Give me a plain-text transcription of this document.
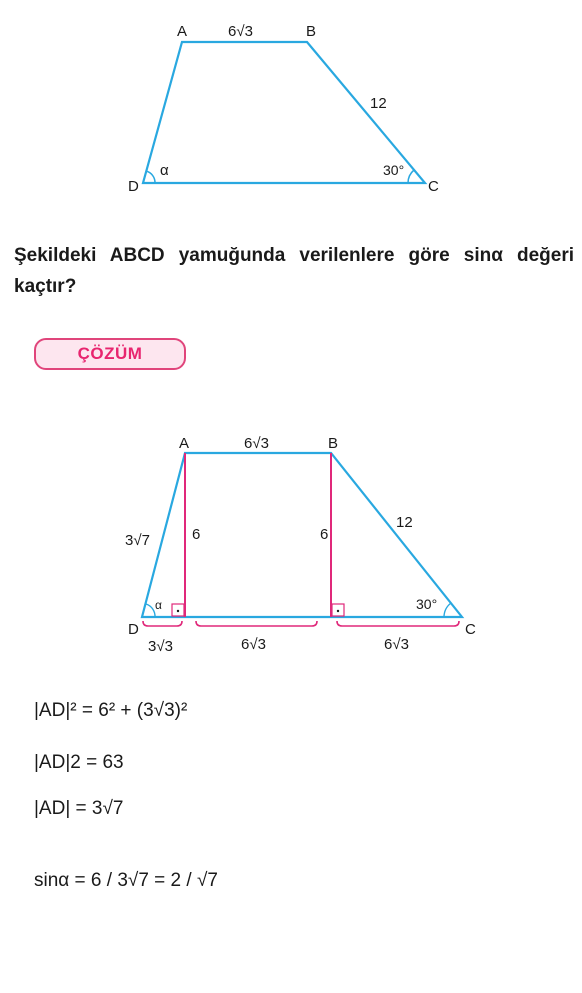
A	B
C
D
6√3
12
30°
α
Şekildeki ABCD yamuğunda verilenlere göre sinα değeri kaçtır?
ÇÖZÜM
A	B
C
D
6√3
12
3√7	6	6
30°
α
3√3	6√3	6√3
|AD|² = 6² + (3√3)²
|AD|2 = 63
|AD| = 3√7
sinα = 6 / 3√7 = 2 / √7
